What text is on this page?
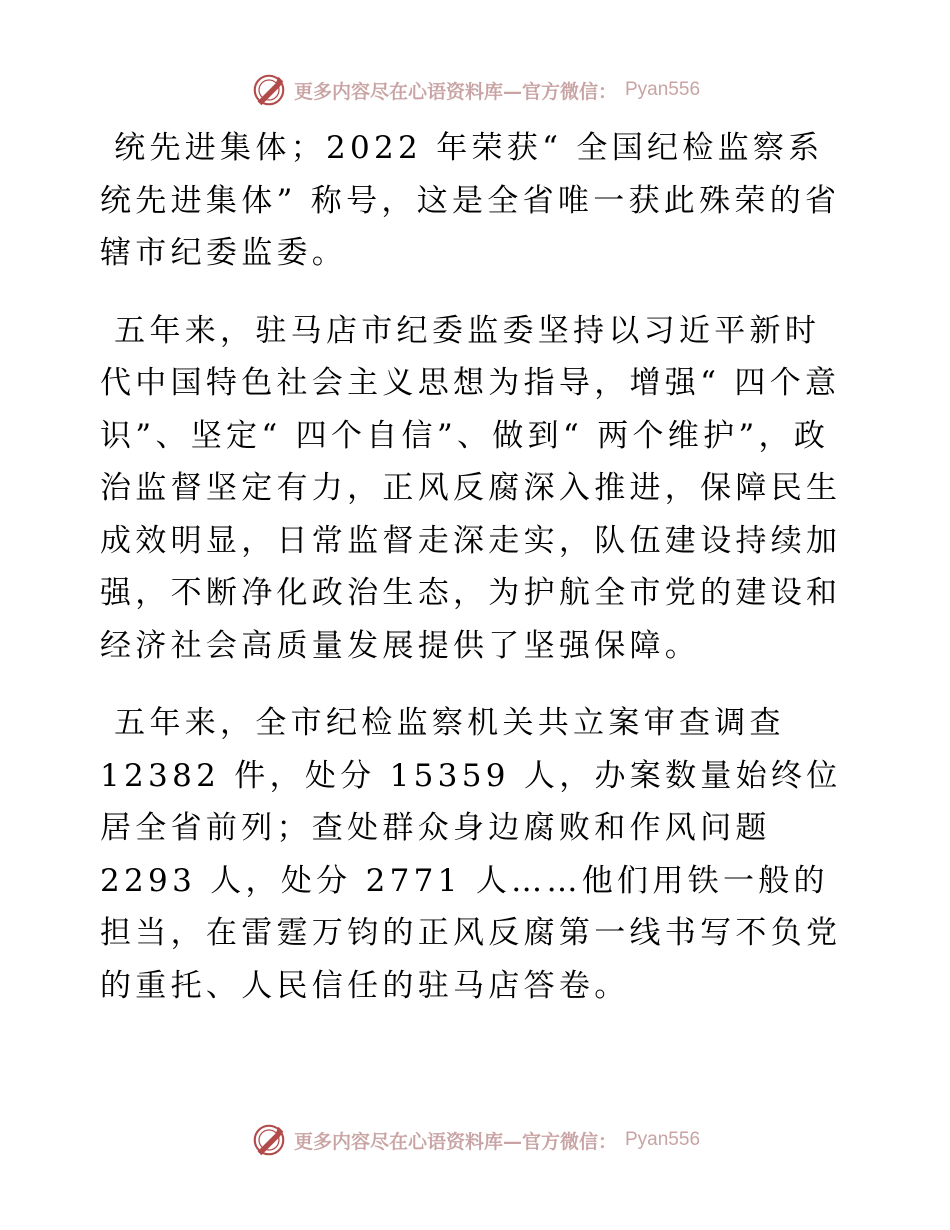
更多内容尽在心语资料库—官方微信： Pyan556

统先进集体；2022 年荣获“ 全国纪检监察系统先进集体” 称号，这是全省唯一获此殊荣的省辖市纪委监委。

五年来，驻马店市纪委监委坚持以习近平新时代中国特色社会主义思想为指导，增强“ 四个意识”、坚定“ 四个自信”、做到“ 两个维护”，政治监督坚定有力，正风反腐深入推进，保障民生成效明显，日常监督走深走实，队伍建设持续加强，不断净化政治生态，为护航全市党的建设和经济社会高质量发展提供了坚强保障。

五年来，全市纪检监察机关共立案审查调查 12382 件，处分 15359 人，办案数量始终位居全省前列；查处群众身边腐败和作风问题 2293 人，处分 2771 人……他们用铁一般的担当，在雷霆万钧的正风反腐第一线书写不负党的重托、人民信任的驻马店答卷。

更多内容尽在心语资料库—官方微信： Pyan556
